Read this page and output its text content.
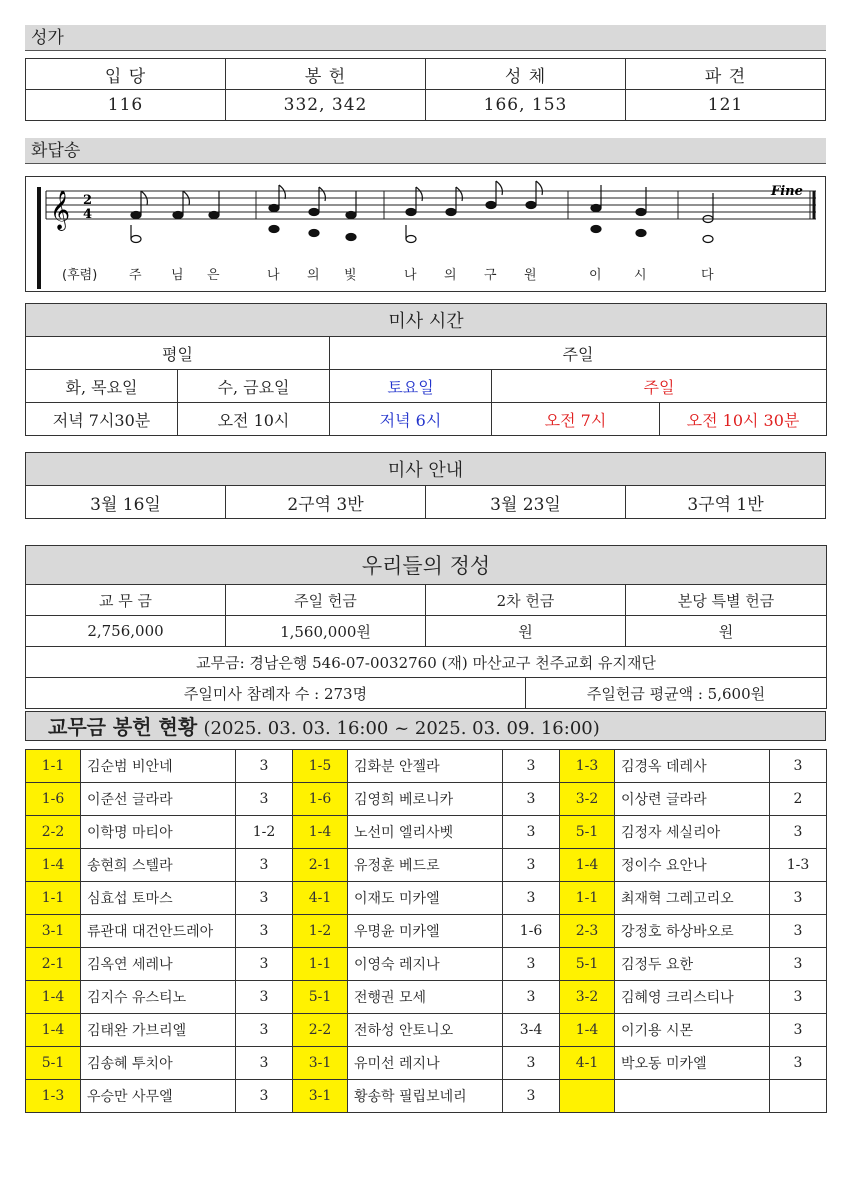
성가
입 당	봉 헌	성 체	파 견
116	332, 342	166, 153	121
화답송
𝄞 2
4
Fine
(후렴) 주 님 은	나 의 빛	나 의 구 원	이 시	다
미사 시간				
평일		주일		
화, 목요일	수, 금요일	토요일	주일	
저녁 7시30분	오전 10시	저녁 6시	오전 7시	오전 10시 30분
미사 안내
3월 16일	2구역 3반	3월 23일	3구역 1반
우리들의 정성				
교 무 금	주일 헌금	2차 헌금		본당 특별 헌금
2,756,000	1,560,000원	원		원
교무금: 경남은행 546-07-0032760 (재) 마산교구 천주교회 유지재단				
주일미사 참례자 수 : 273명			주일헌금 평균액 : 5,600원	
교무금 봉헌 현황 (2025. 03. 03. 16:00 ~ 2025. 03. 09. 16:00)
1-1	김순범 비안네	3	1-5	김화분 안젤라	3	1-3	김경옥 데레사	3
1-6	이준선 글라라	3	1-6	김영희 베로니카	3	3-2	이상련 글라라	2
2-2	이학명 마티아	1-2	1-4	노선미 엘리사벳	3	5-1	김정자 세실리아	3
1-4	송현희 스텔라	3	2-1	유정훈 베드로	3	1-4	정이수 요안나	1-3
1-1	심효섭 토마스	3	4-1	이재도 미카엘	3	1-1	최재혁 그레고리오	3
3-1	류관대 대건안드레아	3	1-2	우명윤 미카엘	1-6	2-3	강정호 하상바오로	3
2-1	김옥연 세레나	3	1-1	이영숙 레지나	3	5-1	김정두 요한	3
1-4	김지수 유스티노	3	5-1	전행권 모세	3	3-2	김혜영 크리스티나	3
1-4	김태완 가브리엘	3	2-2	전하성 안토니오	3-4	1-4	이기용 시몬	3
5-1	김송혜 투치아	3	3-1	유미선 레지나	3	4-1	박오동 미카엘	3
1-3	우승만 사무엘	3	3-1	황송학 필립보네리	3			
